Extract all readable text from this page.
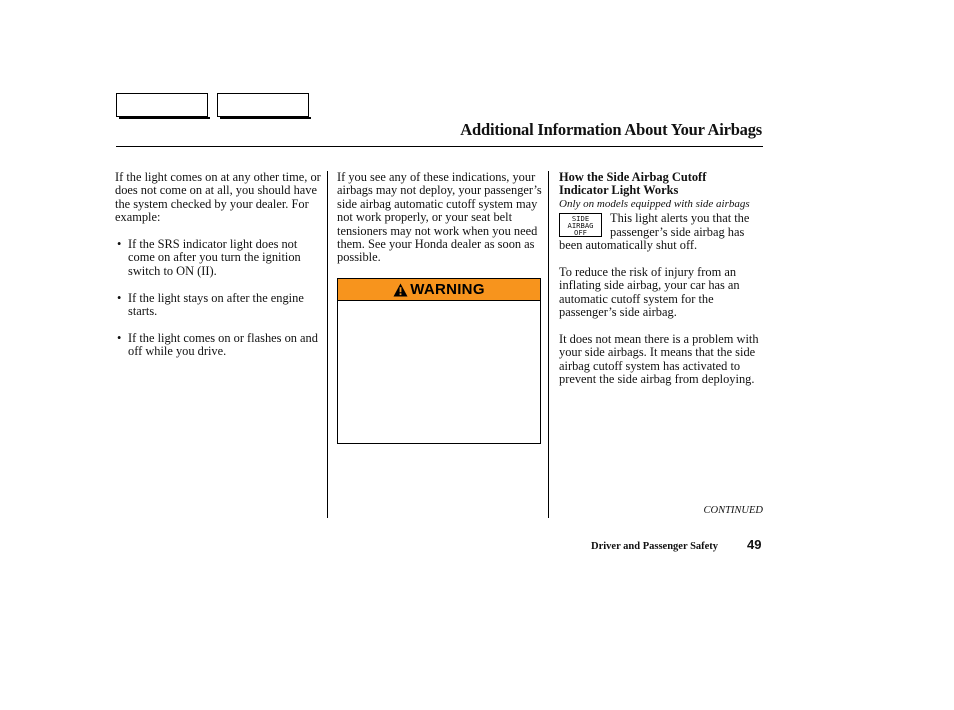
Additional Information About Your Airbags

If the light comes on at any other time, or does not come on at all, you should have the system checked by your dealer. For example:

• If the SRS indicator light does not come on after you turn the ignition switch to ON (II).
• If the light stays on after the engine starts.
• If the light comes on or flashes on and off while you drive.

If you see any of these indications, your airbags may not deploy, your passenger’s side airbag automatic cutoff system may not work properly, or your seat belt tensioners may not work when you need them. See your Honda dealer as soon as possible.

WARNING
How the Side Airbag Cutoff
Indicator Light Works

Only on models equipped with side airbags

SIDE
AIRBAG
OFF
This light alerts you that the passenger’s side airbag has been automatically shut off.

To reduce the risk of injury from an inflating side airbag, your car has an automatic cutoff system for the passenger’s side airbag.

It does not mean there is a problem with your side airbags. It means that the side airbag cutoff system has activated to prevent the side airbag from deploying.

CONTINUED
Driver and Passenger Safety 49
